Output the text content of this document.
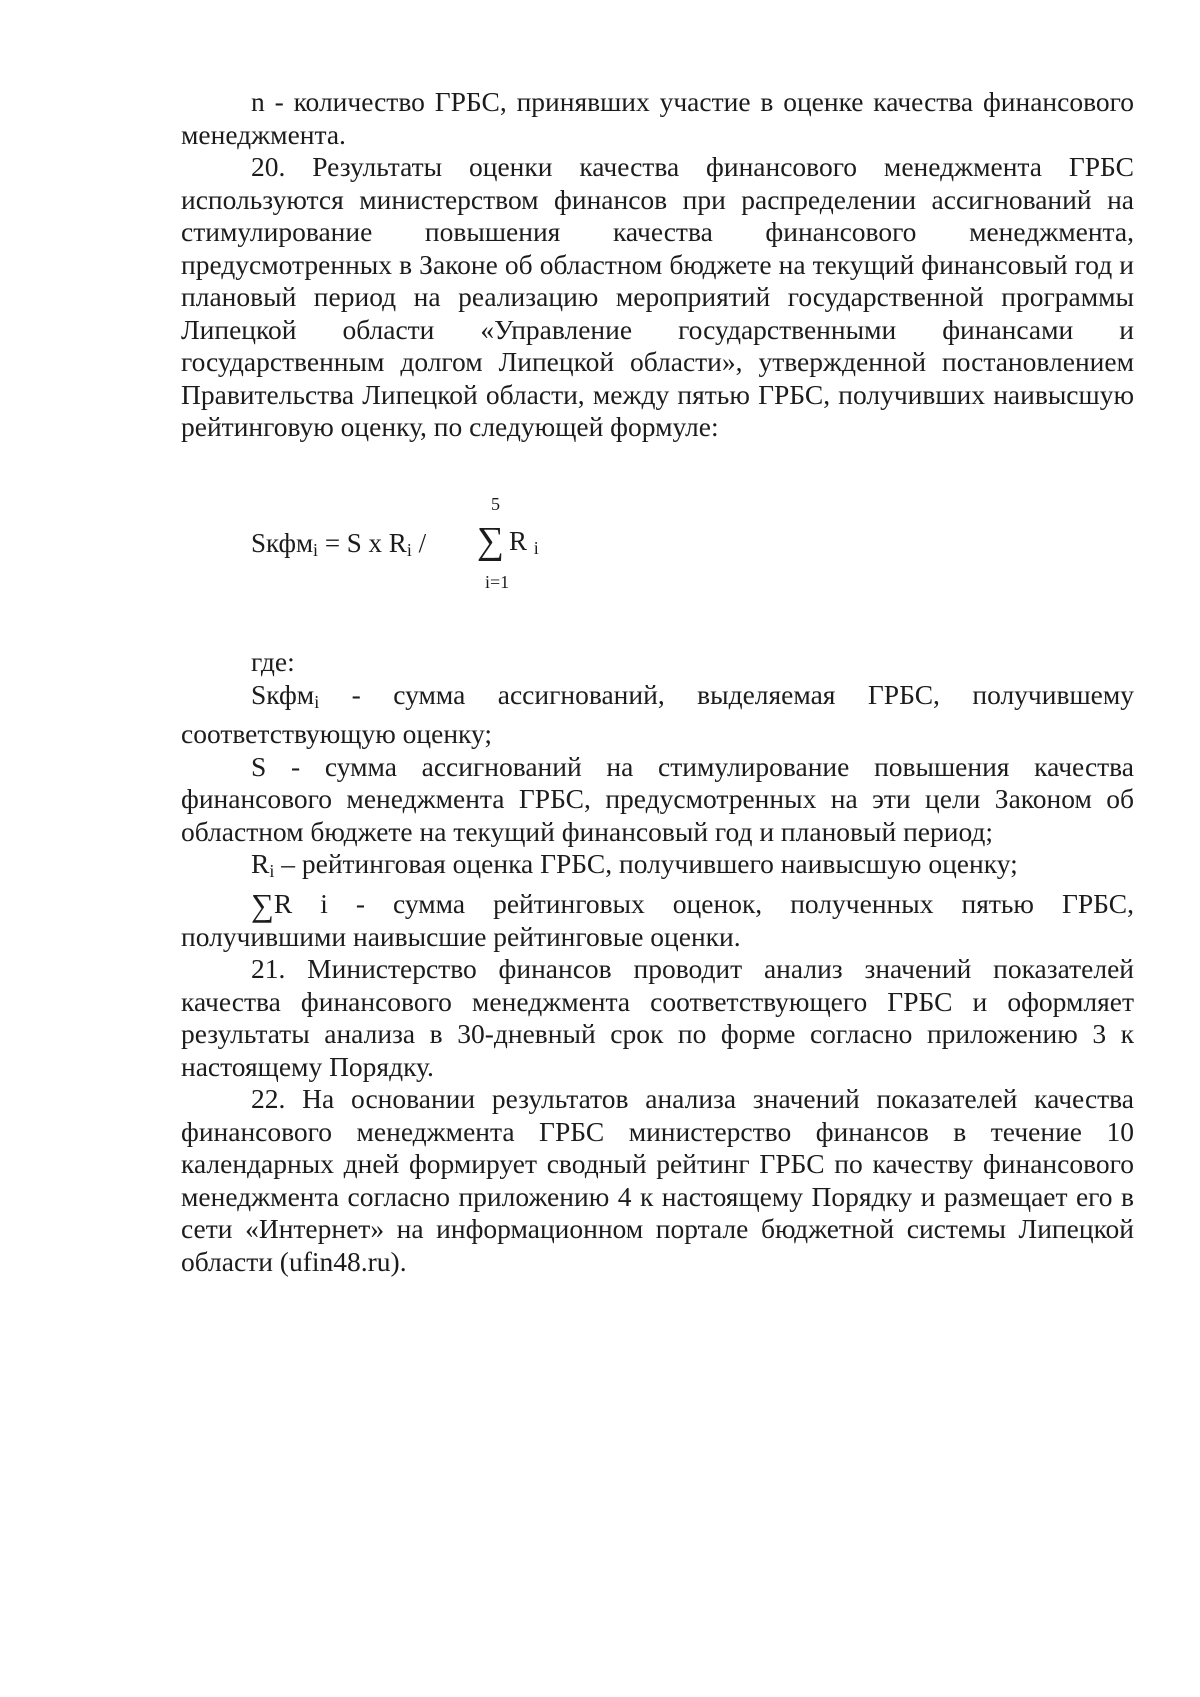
n - количество ГРБС, принявших участие в оценке качества финансового менеджмента.

20. Результаты оценки качества финансового менеджмента ГРБС используются министерством финансов при распределении ассигнований на стимулирование повышения качества финансового менеджмента, предусмотренных в Законе об областном бюджете на текущий финансовый год и плановый период на реализацию мероприятий государственной программы Липецкой области «Управление государственными финансами и государственным долгом Липецкой области», утвержденной постановлением Правительства Липецкой области, между пятью ГРБС, получивших наивысшую рейтинговую оценку, по следующей формуле:

5
Sкфм$_i$ = S x $R_i$ / ∑ R $_i$
i=1

где:

Sкфм$_i$ - сумма ассигнований, выделяемая ГРБС, получившему соответствующую оценку;

S - сумма ассигнований на стимулирование повышения качества финансового менеджмента ГРБС, предусмотренных на эти цели Законом об областном бюджете на текущий финансовый год и плановый период;

$R_i$ – рейтинговая оценка ГРБС, получившего наивысшую оценку;

∑R i - сумма рейтинговых оценок, полученных пятью ГРБС, получившими наивысшие рейтинговые оценки.

21. Министерство финансов проводит анализ значений показателей качества финансового менеджмента соответствующего ГРБС и оформляет результаты анализа в 30-дневный срок по форме согласно приложению 3 к настоящему Порядку.

22. На основании результатов анализа значений показателей качества финансового менеджмента ГРБС министерство финансов в течение 10 календарных дней формирует сводный рейтинг ГРБС по качеству финансового менеджмента согласно приложению 4 к настоящему Порядку и размещает его в сети «Интернет» на информационном портале бюджетной системы Липецкой области (ufin48.ru).
